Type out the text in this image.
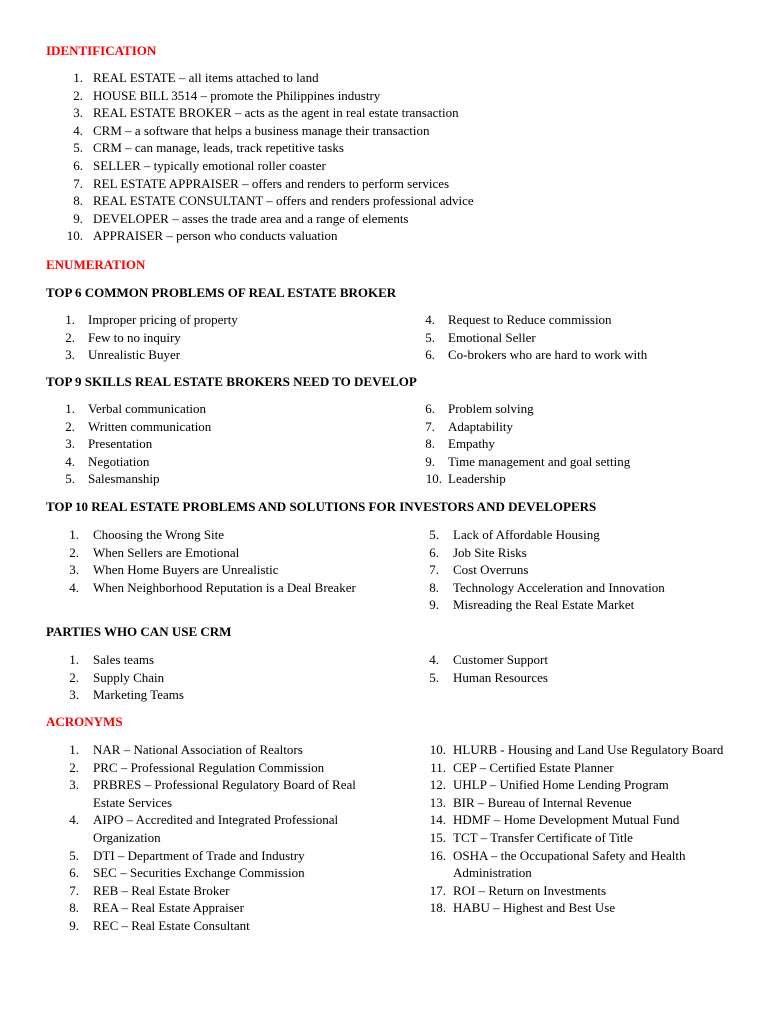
IDENTIFICATION
1. REAL ESTATE – all items attached to land
2. HOUSE BILL 3514 – promote the Philippines industry
3. REAL ESTATE BROKER – acts as the agent in real estate transaction
4. CRM – a software that helps a business manage their transaction
5. CRM – can manage, leads, track repetitive tasks
6. SELLER – typically emotional roller coaster
7. REL ESTATE APPRAISER – offers and renders to perform services
8. REAL ESTATE CONSULTANT – offers and renders professional advice
9. DEVELOPER – asses the trade area and a range of elements
10. APPRAISER – person who conducts valuation
ENUMERATION
TOP 6 COMMON PROBLEMS OF REAL ESTATE BROKER
1. Improper pricing of property
2. Few to no inquiry
3. Unrealistic Buyer
4. Request to Reduce commission
5. Emotional Seller
6. Co-brokers who are hard to work with
TOP 9 SKILLS REAL ESTATE BROKERS NEED TO DEVELOP
1. Verbal communication
2. Written communication
3. Presentation
4. Negotiation
5. Salesmanship
6. Problem solving
7. Adaptability
8. Empathy
9. Time management and goal setting
10. Leadership
TOP 10 REAL ESTATE PROBLEMS AND SOLUTIONS FOR INVESTORS AND DEVELOPERS
1. Choosing the Wrong Site
2. When Sellers are Emotional
3. When Home Buyers are Unrealistic
4. When Neighborhood Reputation is a Deal Breaker
5. Lack of Affordable Housing
6. Job Site Risks
7. Cost Overruns
8. Technology Acceleration and Innovation
9. Misreading the Real Estate Market
PARTIES WHO CAN USE CRM
1. Sales teams
2. Supply Chain
3. Marketing Teams
4. Customer Support
5. Human Resources
ACRONYMS
1. NAR – National Association of Realtors
2. PRC – Professional Regulation Commission
3. PRBRES – Professional Regulatory Board of Real Estate Services
4. AIPO – Accredited and Integrated Professional Organization
5. DTI – Department of Trade and Industry
6. SEC – Securities Exchange Commission
7. REB – Real Estate Broker
8. REA – Real Estate Appraiser
9. REC – Real Estate Consultant
10. HLURB - Housing and Land Use Regulatory Board
11. CEP – Certified Estate Planner
12. UHLP – Unified Home Lending Program
13. BIR – Bureau of Internal Revenue
14. HDMF – Home Development Mutual Fund
15. TCT – Transfer Certificate of Title
16. OSHA – the Occupational Safety and Health Administration
17. ROI – Return on Investments
18. HABU – Highest and Best Use
